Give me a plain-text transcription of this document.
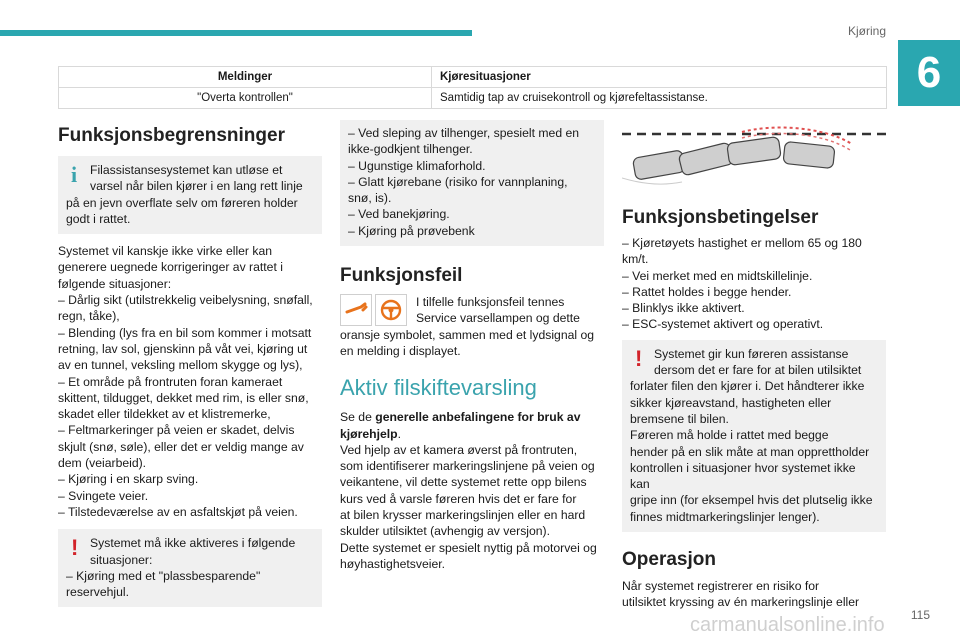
Kjøring
6
Meldinger	Kjøresituasjoner
"Overta kontrollen"	Samtidig tap av cruisekontroll og kjørefeltassistanse.
Funksjonsbegrensninger
i	Filassistansesystemet kan utløse et

varsel når bilen kjører i en lang rett linje

på en jevn overflate selv om føreren holder

godt i rattet.

Systemet vil kanskje ikke virke eller kan

generere uegnede korrigeringer av rattet i

følgende situasjoner:

– Dårlig sikt (utilstrekkelig veibelysning, snøfall,

regn, tåke),

– Blending (lys fra en bil som kommer i motsatt

retning, lav sol, gjenskinn på våt vei, kjøring ut

av en tunnel, veksling mellom skygge og lys),

– Et område på frontruten foran kameraet

skittent, tildugget, dekket med rim, is eller snø,

skadet eller tildekket av et klistremerke,

– Feltmarkeringer på veien er skadet, delvis

skjult (snø, søle), eller det er veldig mange av

dem (veiarbeid).

– Kjøring i en skarp sving.

– Svingete veier.

– Tilstedeværelse av en asfaltskjøt på veien.

! Systemet må ikke aktiveres i følgende

situasjoner:

– Kjøring med et "plassbesparende"

reservehjul.

– Ved sleping av tilhenger, spesielt med en

ikke-godkjent tilhenger.

– Ugunstige klimaforhold.

– Glatt kjørebane (risiko for vannplaning,

snø, is).

– Ved banekjøring.

– Kjøring på prøvebenk

Funksjonsfeil

I tilfelle funksjonsfeil tennes

Service varsellampen og dette

oransje symbolet, sammen med et lydsignal og

en melding i displayet.

Aktiv filskiftevarsling

Se de generelle anbefalingene for bruk av

kjørehjelp.

Ved hjelp av et kamera øverst på frontruten,

som identifiserer markeringslinjene på veien og

veikantene, vil dette systemet rette opp bilens

kurs ved å varsle føreren hvis det er fare for

at bilen krysser markeringslinjen eller en hard

skulder utilsiktet (avhengig av versjon).

Dette systemet er spesielt nyttig på motorvei og

høyhastighetsveier.

Funksjonsbetingelser

– Kjøretøyets hastighet er mellom 65 og 180

km/t.

– Vei merket med en midtskillelinje.

– Rattet holdes i begge hender.

– Blinklys ikke aktivert.

– ESC-systemet aktivert og operativt.

! Systemet gir kun føreren assistanse

dersom det er fare for at bilen utilsiktet

forlater filen den kjører i. Det håndterer ikke

sikker kjøreavstand, hastigheten eller

bremsene til bilen.

Føreren må holde i rattet med begge

hender på en slik måte at man opprettholder

kontrollen i situasjoner hvor systemet ikke kan

gripe inn (for eksempel hvis det plutselig ikke

finnes midtmarkeringslinjer lenger).

Operasjon

Når systemet registrerer en risiko for

utilsiktet kryssing av én markeringslinje eller

115
carmanualsonline.info
